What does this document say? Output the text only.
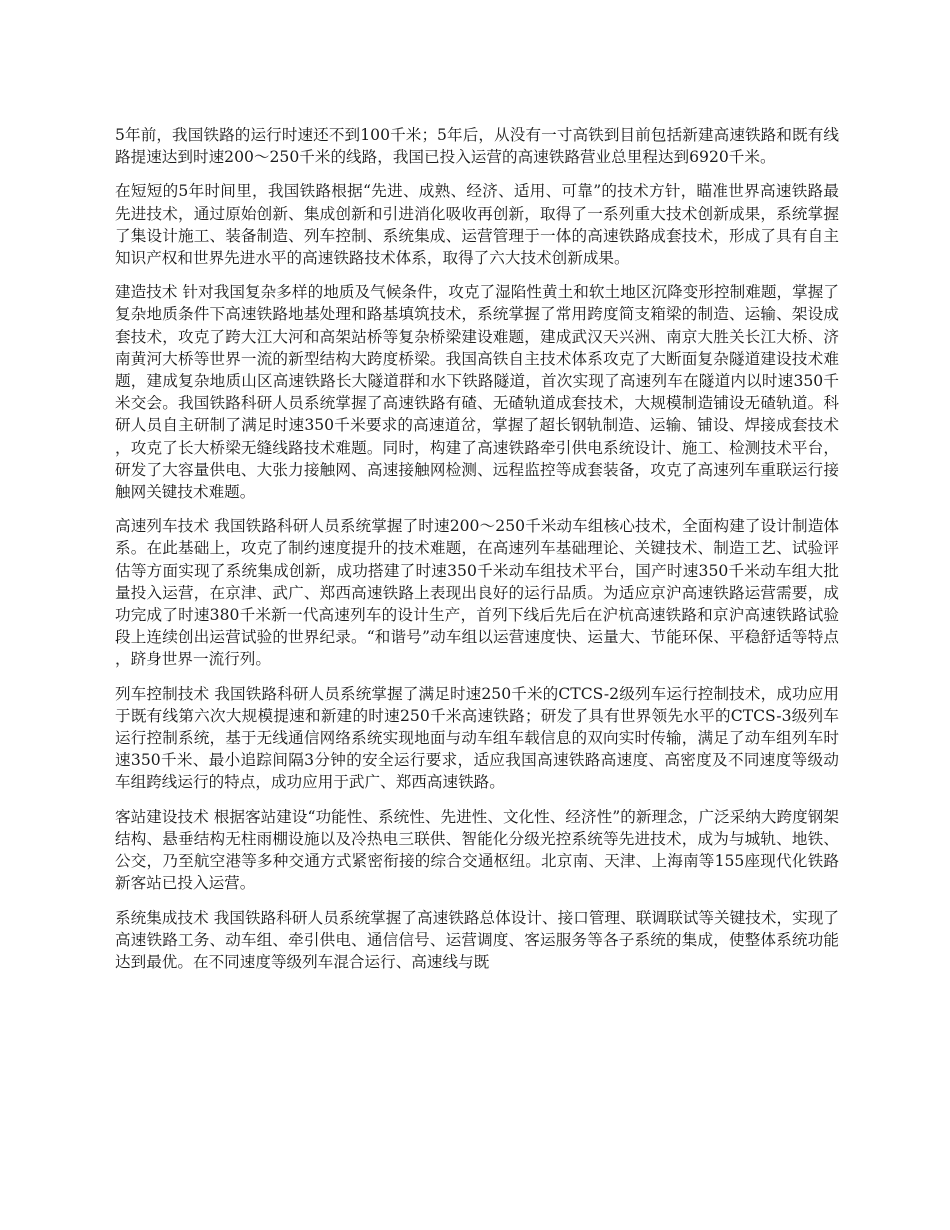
5年前，我国铁路的运行时速还不到100千米；5年后，从没有一寸高铁到目前包括新建高速铁路和既有线路提速达到时速200～250千米的线路，我国已投入运营的高速铁路营业总里程达到6920千米。

在短短的5年时间里，我国铁路根据“先进、成熟、经济、适用、可靠”的技术方针，瞄准世界高速铁路最先进技术，通过原始创新、集成创新和引进消化吸收再创新，取得了一系列重大技术创新成果，系统掌握了集设计施工、装备制造、列车控制、系统集成、运营管理于一体的高速铁路成套技术，形成了具有自主知识产权和世界先进水平的高速铁路技术体系，取得了六大技术创新成果。

建造技术 针对我国复杂多样的地质及气候条件，攻克了湿陷性黄土和软土地区沉降变形控制难题，掌握了复杂地质条件下高速铁路地基处理和路基填筑技术，系统掌握了常用跨度简支箱梁的制造、运输、架设成套技术，攻克了跨大江大河和高架站桥等复杂桥梁建设难题，建成武汉天兴洲、南京大胜关长江大桥、济南黄河大桥等世界一流的新型结构大跨度桥梁。我国高铁自主技术体系攻克了大断面复杂隧道建设技术难题，建成复杂地质山区高速铁路长大隧道群和水下铁路隧道，首次实现了高速列车在隧道内以时速350千米交会。我国铁路科研人员系统掌握了高速铁路有碴、无碴轨道成套技术，大规模制造铺设无碴轨道。科研人员自主研制了满足时速350千米要求的高速道岔，掌握了超长钢轨制造、运输、铺设、焊接成套技术，攻克了长大桥梁无缝线路技术难题。同时，构建了高速铁路牵引供电系统设计、施工、检测技术平台，研发了大容量供电、大张力接触网、高速接触网检测、远程监控等成套装备，攻克了高速列车重联运行接触网关键技术难题。

高速列车技术 我国铁路科研人员系统掌握了时速200～250千米动车组核心技术，全面构建了设计制造体系。在此基础上，攻克了制约速度提升的技术难题，在高速列车基础理论、关键技术、制造工艺、试验评估等方面实现了系统集成创新，成功搭建了时速350千米动车组技术平台，国产时速350千米动车组大批量投入运营，在京津、武广、郑西高速铁路上表现出良好的运行品质。为适应京沪高速铁路运营需要，成功完成了时速380千米新一代高速列车的设计生产，首列下线后先后在沪杭高速铁路和京沪高速铁路试验段上连续创出运营试验的世界纪录。“和谐号”动车组以运营速度快、运量大、节能环保、平稳舒适等特点，跻身世界一流行列。

列车控制技术 我国铁路科研人员系统掌握了满足时速250千米的CTCS-2级列车运行控制技术，成功应用于既有线第六次大规模提速和新建的时速250千米高速铁路；研发了具有世界领先水平的CTCS-3级列车运行控制系统，基于无线通信网络系统实现地面与动车组车载信息的双向实时传输，满足了动车组列车时速350千米、最小追踪间隔3分钟的安全运行要求，适应我国高速铁路高速度、高密度及不同速度等级动车组跨线运行的特点，成功应用于武广、郑西高速铁路。

客站建设技术 根据客站建设“功能性、系统性、先进性、文化性、经济性”的新理念，广泛采纳大跨度钢架结构、悬垂结构无柱雨棚设施以及冷热电三联供、智能化分级光控系统等先进技术，成为与城轨、地铁、公交，乃至航空港等多种交通方式紧密衔接的综合交通枢纽。北京南、天津、上海南等155座现代化铁路新客站已投入运营。

系统集成技术 我国铁路科研人员系统掌握了高速铁路总体设计、接口管理、联调联试等关键技术，实现了高速铁路工务、动车组、牵引供电、通信信号、运营调度、客运服务等各子系统的集成，使整体系统功能达到最优。在不同速度等级列车混合运行、高速线与既
